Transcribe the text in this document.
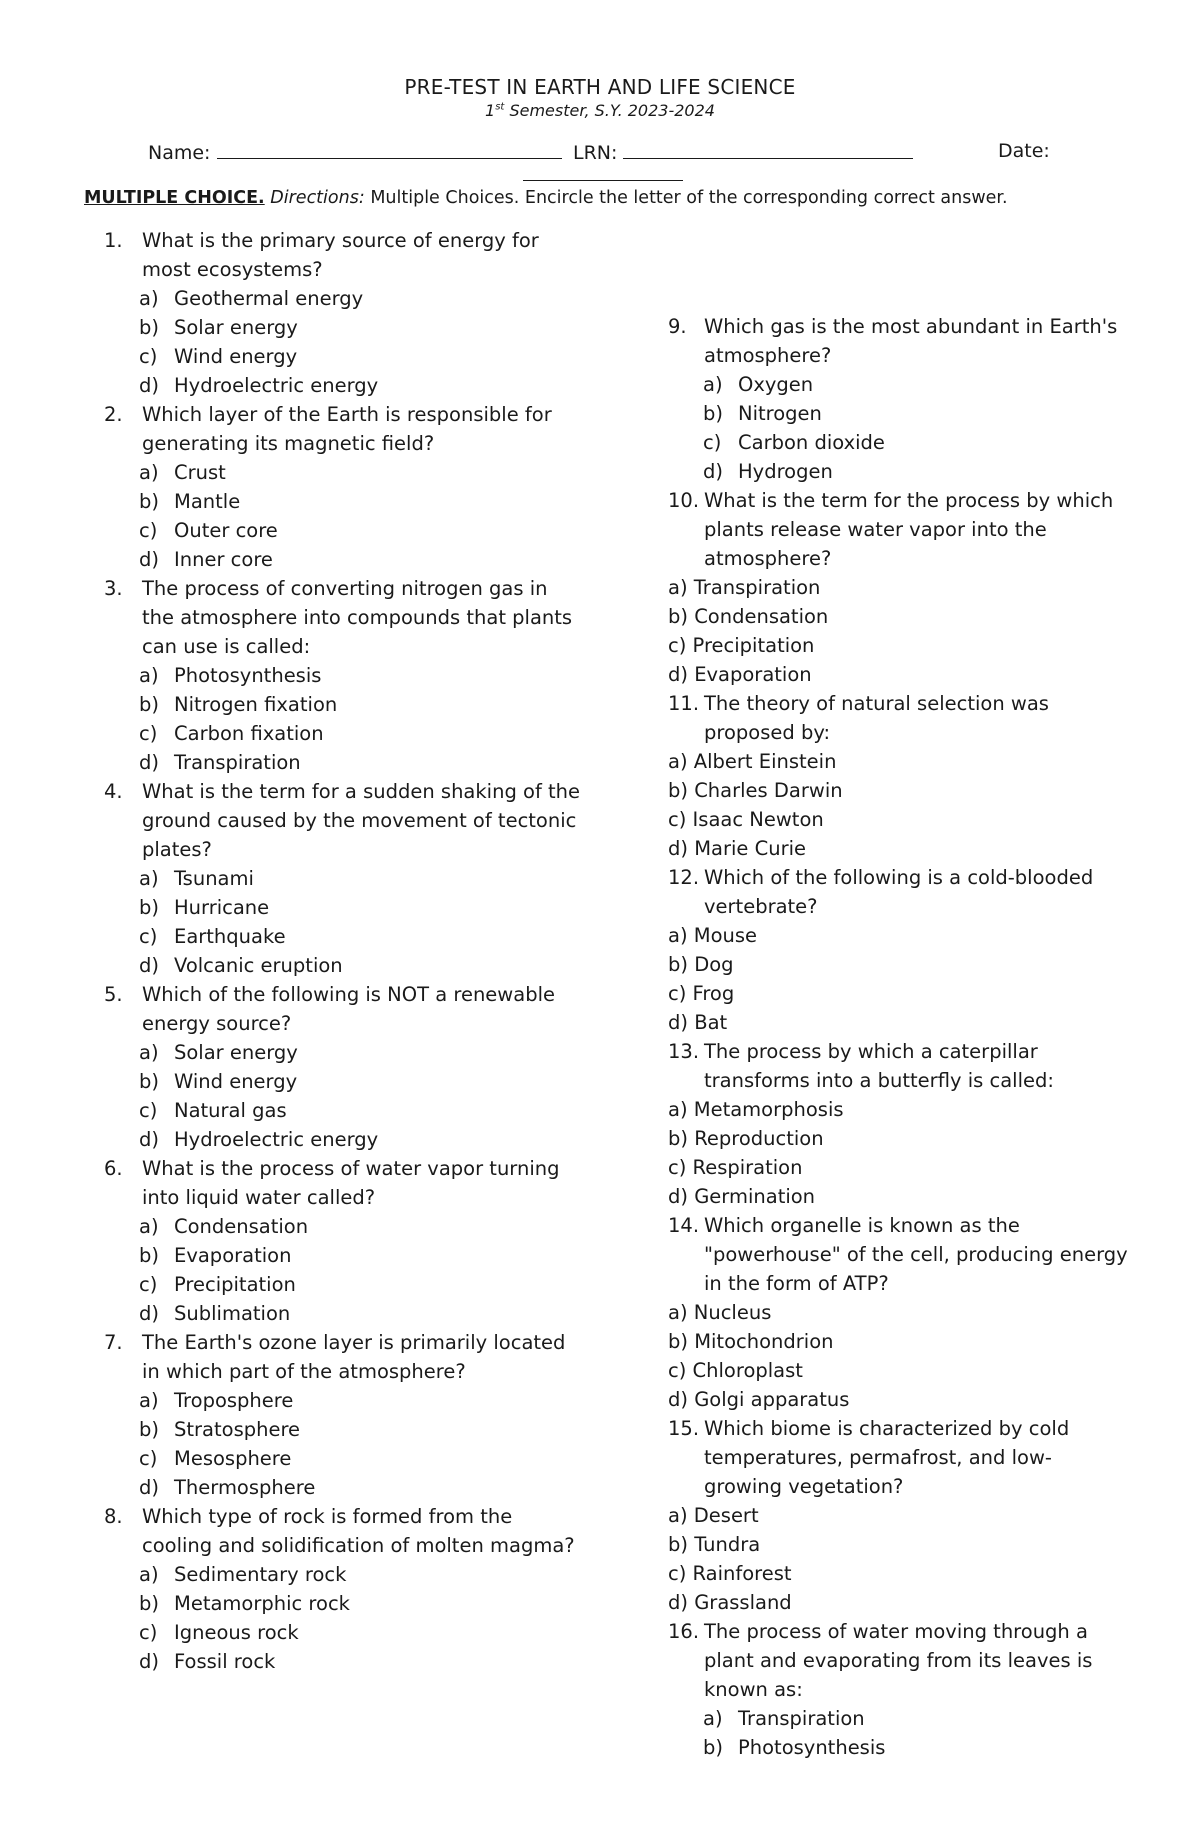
PRE-TEST IN EARTH AND LIFE SCIENCE
1st Semester, S.Y. 2023-2024
Name:	LRN:	Date:
MULTIPLE CHOICE. Directions: Multiple Choices. Encircle the letter of the corresponding correct answer.
1. What is the primary source of energy for most ecosystems?
a) Geothermal energy
b) Solar energy
c) Wind energy
d) Hydroelectric energy
2. Which layer of the Earth is responsible for generating its magnetic field?
a) Crust
b) Mantle
c) Outer core
d) Inner core
3. The process of converting nitrogen gas in the atmosphere into compounds that plants can use is called:
a) Photosynthesis
b) Nitrogen fixation
c) Carbon fixation
d) Transpiration
4. What is the term for a sudden shaking of the ground caused by the movement of tectonic plates?
a) Tsunami
b) Hurricane
c) Earthquake
d) Volcanic eruption
5. Which of the following is NOT a renewable energy source?
a) Solar energy
b) Wind energy
c) Natural gas
d) Hydroelectric energy
6. What is the process of water vapor turning into liquid water called?
a) Condensation
b) Evaporation
c) Precipitation
d) Sublimation
7. The Earth's ozone layer is primarily located in which part of the atmosphere?
a) Troposphere
b) Stratosphere
c) Mesosphere
d) Thermosphere
8. Which type of rock is formed from the cooling and solidification of molten magma?
a) Sedimentary rock
b) Metamorphic rock
c) Igneous rock
d) Fossil rock
9. Which gas is the most abundant in Earth's atmosphere?
a) Oxygen
b) Nitrogen
c) Carbon dioxide
d) Hydrogen
10. What is the term for the process by which plants release water vapor into the atmosphere?
a) Transpiration
b) Condensation
c) Precipitation
d) Evaporation
11. The theory of natural selection was proposed by:
a) Albert Einstein
b) Charles Darwin
c) Isaac Newton
d) Marie Curie
12. Which of the following is a cold-blooded vertebrate?
a) Mouse
b) Dog
c) Frog
d) Bat
13. The process by which a caterpillar transforms into a butterfly is called:
a) Metamorphosis
b) Reproduction
c) Respiration
d) Germination
14. Which organelle is known as the "powerhouse" of the cell, producing energy in the form of ATP?
a) Nucleus
b) Mitochondrion
c) Chloroplast
d) Golgi apparatus
15. Which biome is characterized by cold temperatures, permafrost, and low-growing vegetation?
a) Desert
b) Tundra
c) Rainforest
d) Grassland
16. The process of water moving through a plant and evaporating from its leaves is known as:
a) Transpiration
b) Photosynthesis
